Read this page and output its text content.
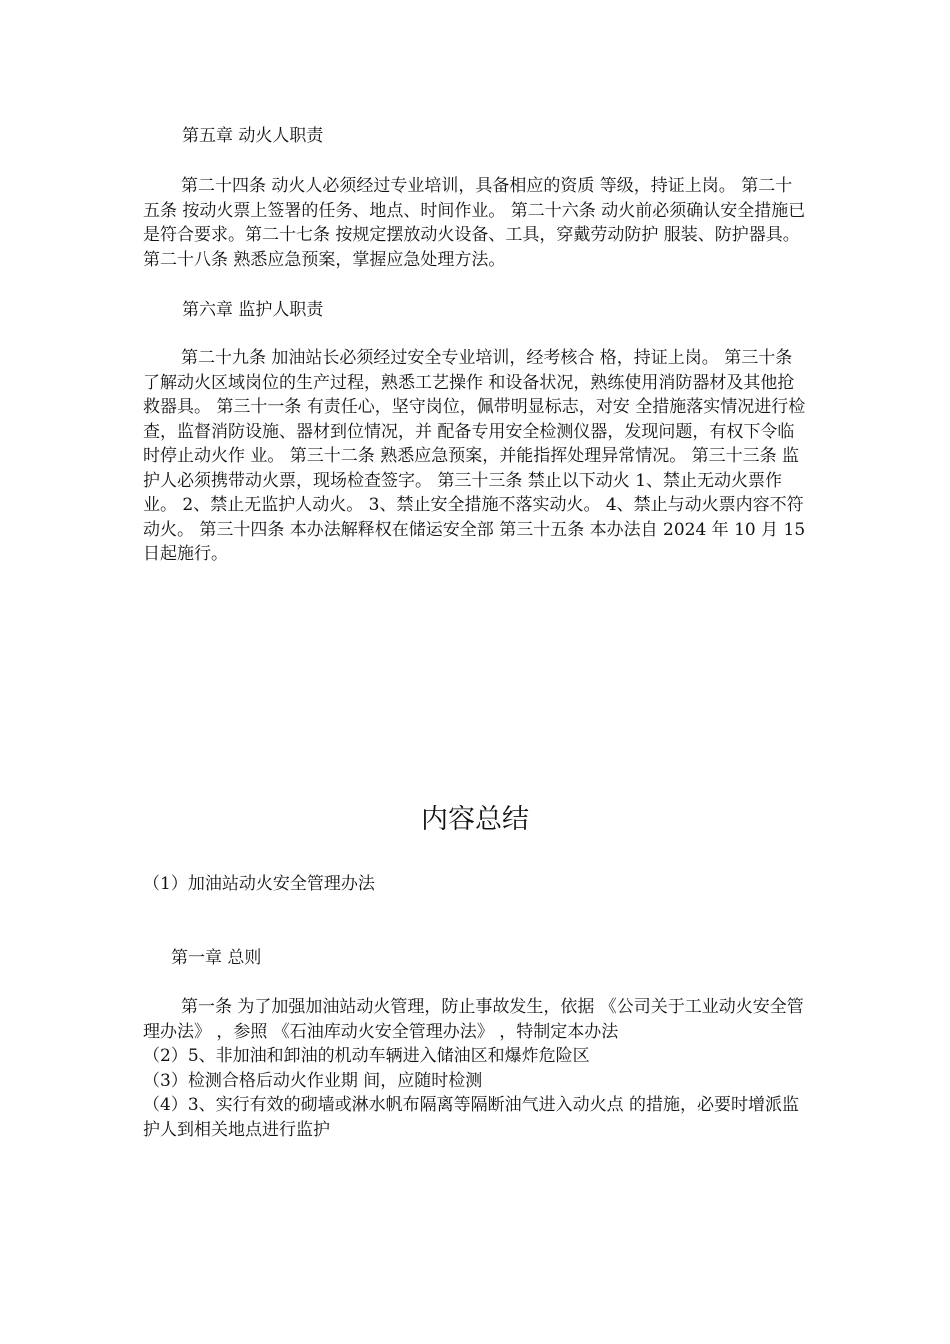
第五章 动火人职责

第二十四条 动火人必须经过专业培训，具备相应的资质 等级，持证上岗。 第二十五条 按动火票上签署的任务、地点、时间作业。 第二十六条 动火前必须确认安全措施已是符合要求。第二十七条 按规定摆放动火设备、工具，穿戴劳动防护 服装、防护器具。 第二十八条 熟悉应急预案，掌握应急处理方法。

第六章 监护人职责

第二十九条 加油站长必须经过安全专业培训，经考核合 格，持证上岗。 第三十条 了解动火区域岗位的生产过程，熟悉工艺操作 和设备状况，熟练使用消防器材及其他抢救器具。 第三十一条 有责任心，坚守岗位，佩带明显标志，对安 全措施落实情况进行检查，监督消防设施、器材到位情况，并 配备专用安全检测仪器，发现问题，有权下令临时停止动火作 业。 第三十二条 熟悉应急预案，并能指挥处理异常情况。 第三十三条 监护人必须携带动火票，现场检查签字。 第三十三条 禁止以下动火 1、禁止无动火票作业。 2、禁止无监护人动火。 3、禁止安全措施不落实动火。 4、禁止与动火票内容不符动火。 第三十四条 本办法解释权在储运安全部 第三十五条 本办法自 2024 年 10 月 15 日起施行。

内容总结

（1）加油站动火安全管理办法

第一章 总则

第一条 为了加强加油站动火管理，防止事故发生，依据 《公司关于工业动火安全管理办法》 ，参照 《石油库动火安全管理办法》 ，特制定本办法
（2）5、非加油和卸油的机动车辆进入储油区和爆炸危险区
（3）检测合格后动火作业期 间，应随时检测
（4）3、实行有效的砌墙或淋水帆布隔离等隔断油气进入动火点 的措施，必要时增派监护人到相关地点进行监护
